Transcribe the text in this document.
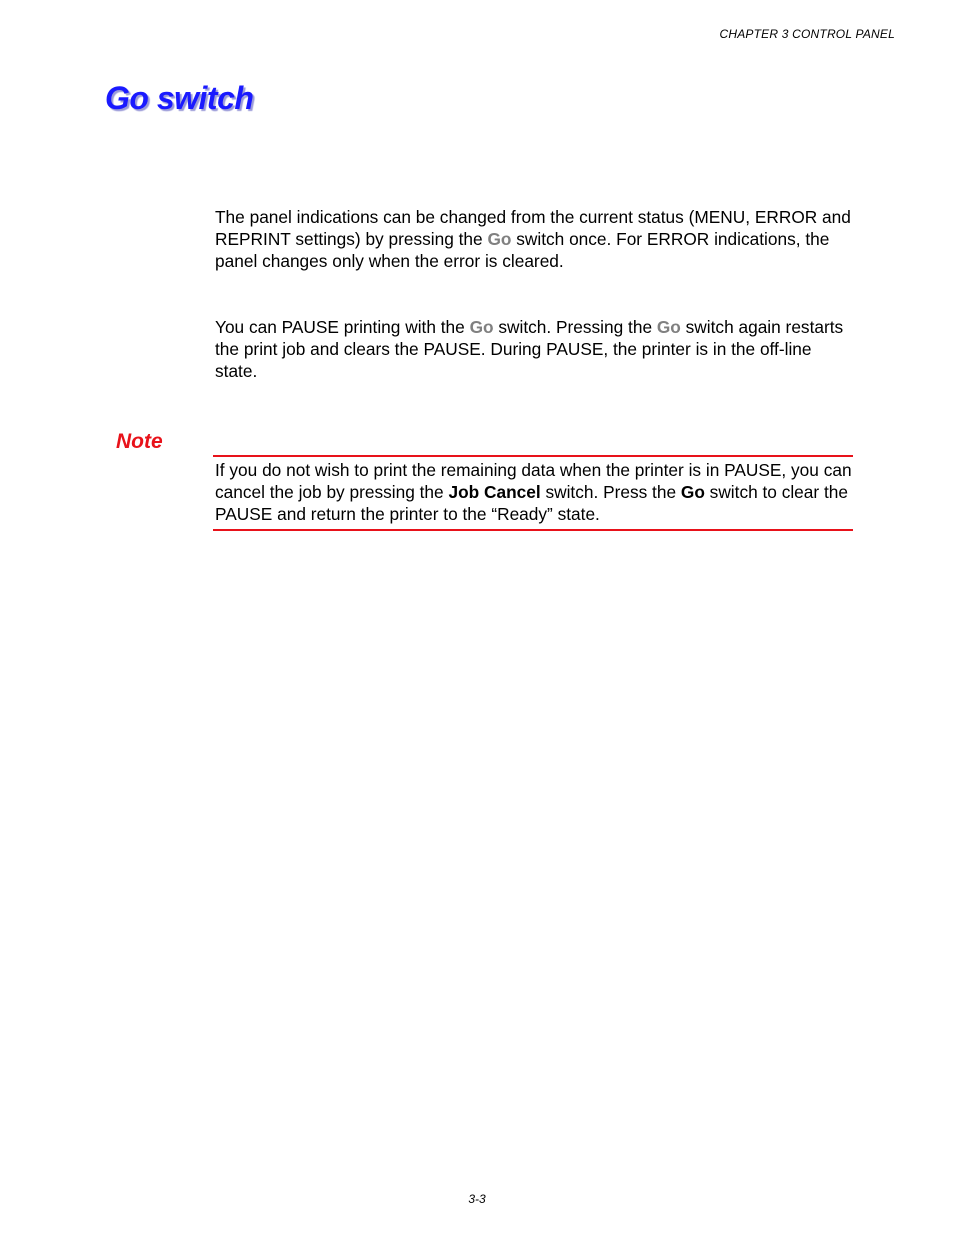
CHAPTER 3 CONTROL PANEL
Go switch

The panel indications can be changed from the current status (MENU, ERROR and REPRINT settings) by pressing the Go switch once. For ERROR indications, the panel changes only when the error is cleared.

You can PAUSE printing with the Go switch. Pressing the Go switch again restarts the print job and clears the PAUSE. During PAUSE, the printer is in the off-line state.

Note

If you do not wish to print the remaining data when the printer is in PAUSE, you can cancel the job by pressing the Job Cancel switch. Press the Go switch to clear the PAUSE and return the printer to the “Ready” state.

3-3
